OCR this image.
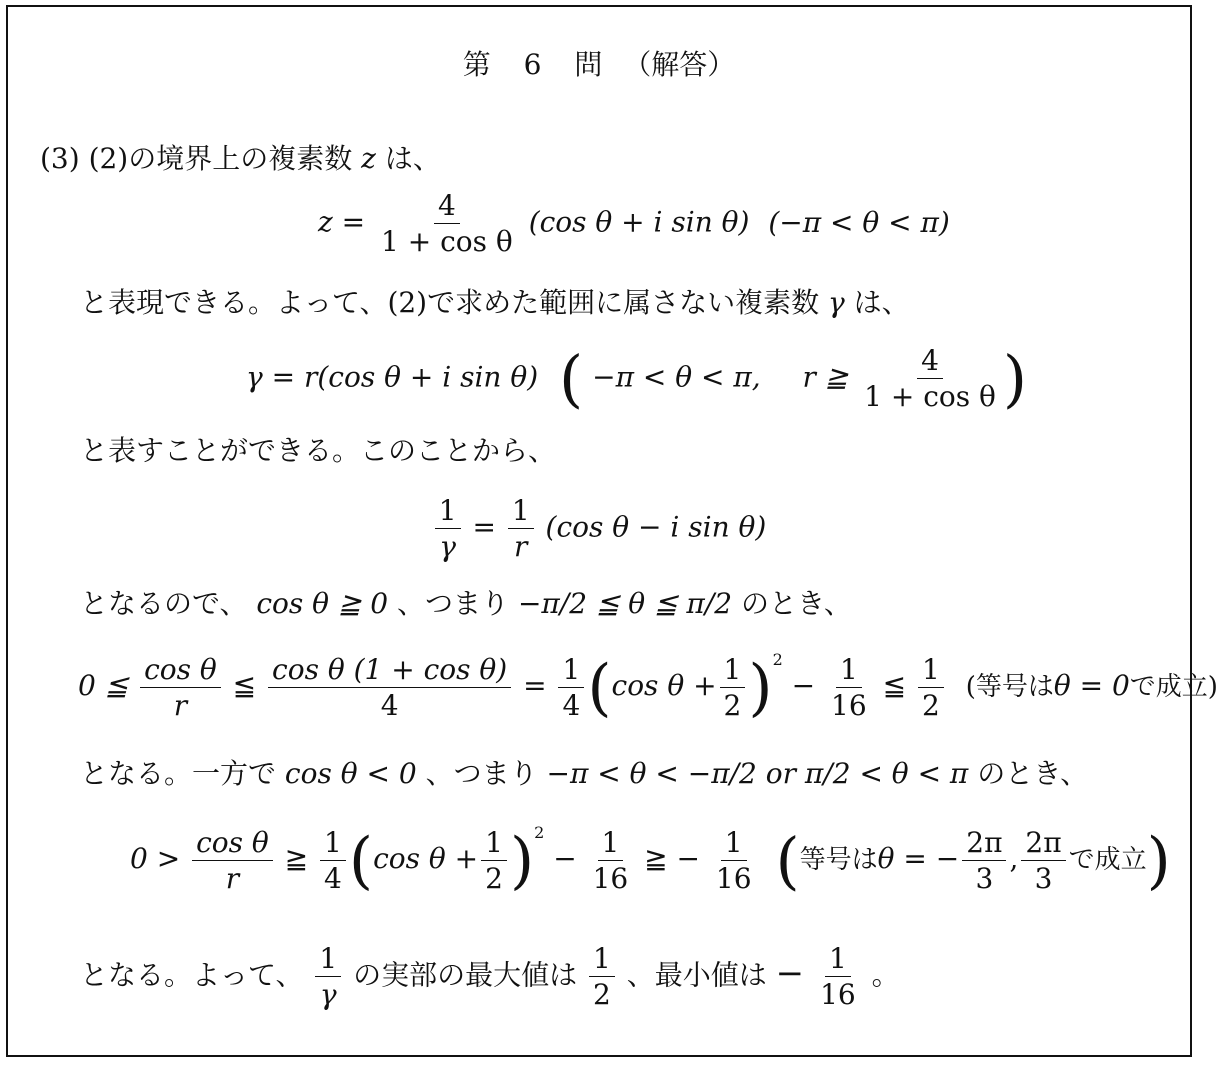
第 6 問 （解答）
(3) (2)の境界上の複素数 z は、
$z = \frac{4}{\text{1 + cos θ}} (\cos$ θ + i sin θ) (−π < θ < π)
と表現できる。よって、(2)で求めた範囲に属さない複素数 γ は、
γ = r(cos θ + i sin θ) ( −π < θ < π, r ≧ $\frac{4}{\text{1 + cos θ}}$ )
と表すことができる。このことから、
$\frac{1}{\gamma} = \frac{1}{r} (\cos$ θ − i sin θ)
となるので、 cos θ ≧ 0 、つまり −π/2 ≦ θ ≦ π/2 のとき、
0 ≦ $\frac{\text{cos θ}}{r}$ ≦ $\frac{\text{cos θ (1 + cos θ)}}{4} = \frac{1}{4} (\cos$ $\theta + \frac{1}{2} )^2 - \frac{1}{16}$ ≦ $\frac{1}{2}$ (等号はθ = 0で成立)
となる。一方で cos θ < 0 、つまり −π < θ < −π/2 or π/2 < θ < π のとき、
$0 > \frac{\text{cos θ}}{r}$ ≧ $\frac{1}{4} (\cos$ $\theta + \frac{1}{2} )^2 - \frac{1}{16}$ ≧ − $\frac{1}{16}$ (等号はθ = − $\frac{2\pi}{3}$ , $\frac{2\pi}{3}$ で成立)
となる。よって、 $\frac{1}{\gamma}$ の実部の最大値は $\frac{1}{2}$ 、最小値は − $\frac{1}{16}$ 。
